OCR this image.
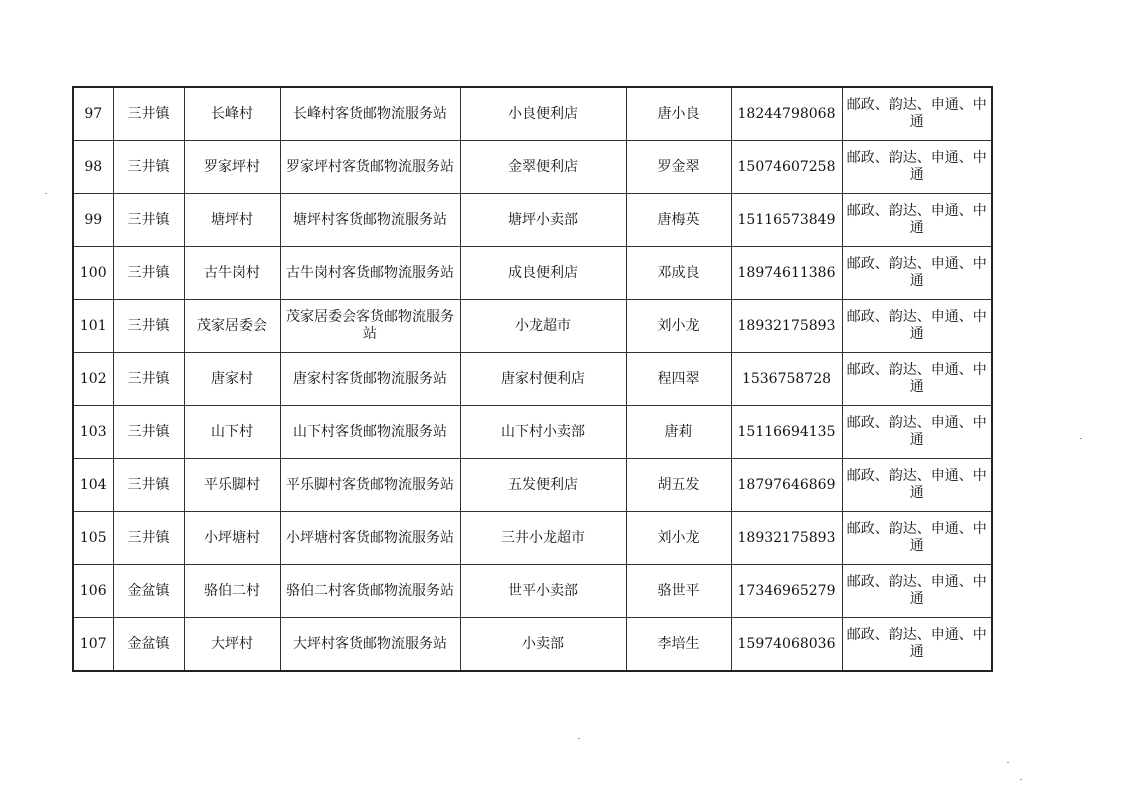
97	三井镇	长峰村	长峰村客货邮物流服务站	小良便利店	唐小良	18244798068	邮政、韵达、申通、中通
98	三井镇	罗家坪村	罗家坪村客货邮物流服务站	金翠便利店	罗金翠	15074607258	邮政、韵达、申通、中通
99	三井镇	塘坪村	塘坪村客货邮物流服务站	塘坪小卖部	唐梅英	15116573849	邮政、韵达、申通、中通
100	三井镇	古牛岗村	古牛岗村客货邮物流服务站	成良便利店	邓成良	18974611386	邮政、韵达、申通、中通
101	三井镇	茂家居委会	茂家居委会客货邮物流服务站	小龙超市	刘小龙	18932175893	邮政、韵达、申通、中通
102	三井镇	唐家村	唐家村客货邮物流服务站	唐家村便利店	程四翠	1536758728	邮政、韵达、申通、中通
103	三井镇	山下村	山下村客货邮物流服务站	山下村小卖部	唐莉	15116694135	邮政、韵达、申通、中通
104	三井镇	平乐脚村	平乐脚村客货邮物流服务站	五发便利店	胡五发	18797646869	邮政、韵达、申通、中通
105	三井镇	小坪塘村	小坪塘村客货邮物流服务站	三井小龙超市	刘小龙	18932175893	邮政、韵达、申通、中通
106	金盆镇	骆伯二村	骆伯二村客货邮物流服务站	世平小卖部	骆世平	17346965279	邮政、韵达、申通、中通
107	金盆镇	大坪村	大坪村客货邮物流服务站	小卖部	李培生	15974068036	邮政、韵达、申通、中通
